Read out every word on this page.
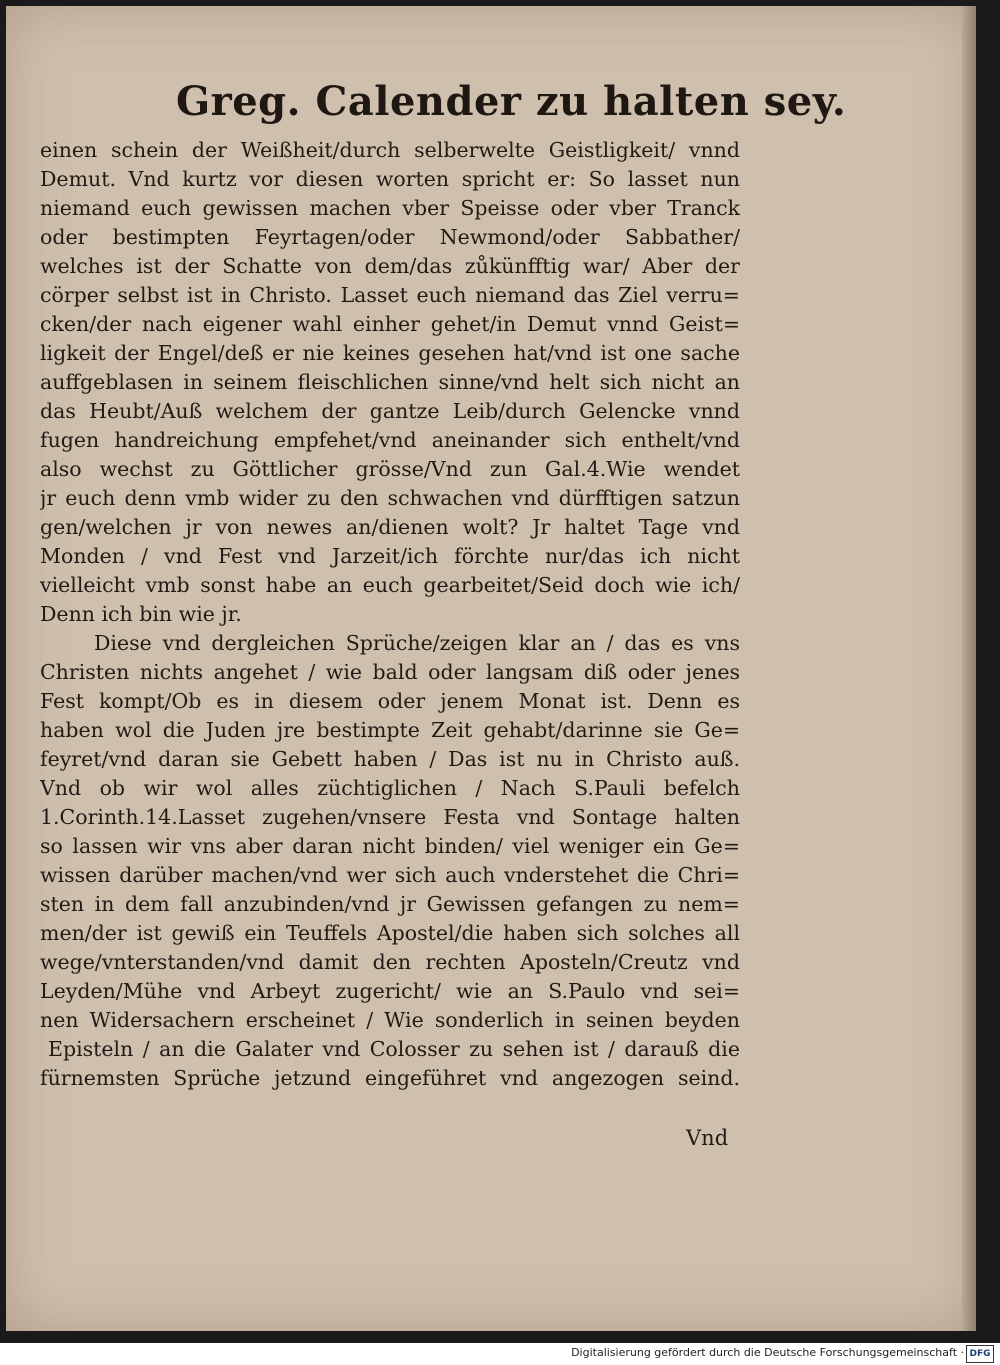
Greg. Calender zu halten sey.
einen schein der Weißheit/durch selberwelte Geistligkeit/ vnnd
Demut. Vnd kurtz vor diesen worten spricht er: So lasset nun
niemand euch gewissen machen vber Speisse oder vber Tranck
oder bestimpten Feyrtagen/oder Newmond/oder Sabbather/
welches ist der Schatte von dem/das zůkünfftig war/ Aber der
cörper selbst ist in Christo. Lasset euch niemand das Ziel verru=
cken/der nach eigener wahl einher gehet/in Demut vnnd Geist=
ligkeit der Engel/deß er nie keines gesehen hat/vnd ist one sache
auffgeblasen in seinem fleischlichen sinne/vnd helt sich nicht an
das Heubt/Auß welchem der gantze Leib/durch Gelencke vnnd
fugen handreichung empfehet/vnd aneinander sich enthelt/vnd
also wechst zu Göttlicher grösse/Vnd zun Gal.4.Wie wendet
jr euch denn vmb wider zu den schwachen vnd dürfftigen satzun
gen/welchen jr von newes an/dienen wolt? Jr haltet Tage vnd
Monden / vnd Fest vnd Jarzeit/ich förchte nur/das ich nicht
vielleicht vmb sonst habe an euch gearbeitet/Seid doch wie ich/
Denn ich bin wie jr.
Diese vnd dergleichen Sprüche/zeigen klar an / das es vns
Christen nichts angehet / wie bald oder langsam diß oder jenes
Fest kompt/Ob es in diesem oder jenem Monat ist. Denn es
haben wol die Juden jre bestimpte Zeit gehabt/darinne sie Ge=
feyret/vnd daran sie Gebett haben / Das ist nu in Christo auß.
Vnd ob wir wol alles züchtiglichen / Nach S.Pauli befelch
1.Corinth.14.Lasset zugehen/vnsere Festa vnd Sontage halten
so lassen wir vns aber daran nicht binden/ viel weniger ein Ge=
wissen darüber machen/vnd wer sich auch vnderstehet die Chri=
sten in dem fall anzubinden/vnd jr Gewissen gefangen zu nem=
men/der ist gewiß ein Teuffels Apostel/die haben sich solches all
wege/vnterstanden/vnd damit den rechten Aposteln/Creutz vnd
Leyden/Mühe vnd Arbeyt zugericht/ wie an S.Paulo vnd sei=
nen Widersachern erscheinet / Wie sonderlich in seinen beyden
Episteln / an die Galater vnd Colosser zu sehen ist / darauß die
fürnemsten Sprüche jetzund eingeführet vnd angezogen seind.
Vnd
Digitalisierung gefördert durch die Deutsche Forschungsgemeinschaft · DFG
